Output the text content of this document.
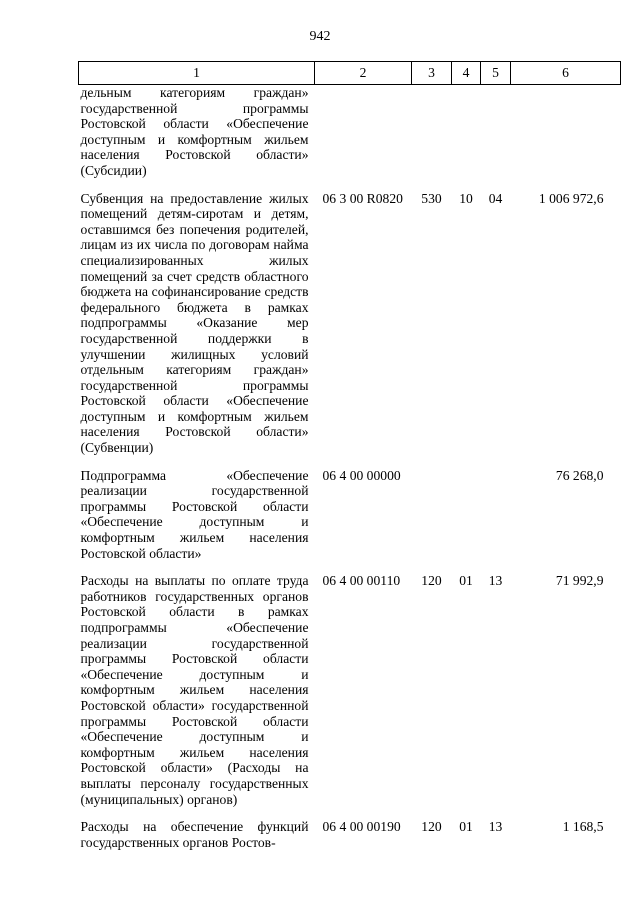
942
1	2	3	4	5	6
дельным категориям граждан» государственной программы Ростовской области «Обеспечение доступным и комфортным жильем населения Ростовской области» (Субсидии)					
Субвенция на предоставление жилых помещений детям-сиротам и детям, оставшимся без попечения родителей, лицам из их числа по договорам найма специализированных жилых помещений за счет средств областного бюджета на софинансирование средств федерального бюджета в рамках подпрограммы «Оказание мер государственной поддержки в улучшении жилищных условий отдельным категориям граждан» государственной программы Ростовской области «Обеспечение доступным и комфортным жильем населения Ростовской области» (Субвенции)	06 3 00 R0820	530	10	04	1 006 972,6
Подпрограмма «Обеспечение реализации государственной программы Ростовской области «Обеспечение доступным и комфортным жильем населения Ростовской области»	06 4 00 00000				76 268,0
Расходы на выплаты по оплате труда работников государственных органов Ростовской области в рамках подпрограммы «Обеспечение реализации государственной программы Ростовской области «Обеспечение доступным и комфортным жильем населения Ростовской области» государственной программы Ростовской области «Обеспечение доступным и комфортным жильем населения Ростовской области» (Расходы на выплаты персоналу государственных (муниципальных) органов)	06 4 00 00110	120	01	13	71 992,9
Расходы на обеспечение функций государственных органов Ростов-	06 4 00 00190	120	01	13	1 168,5
